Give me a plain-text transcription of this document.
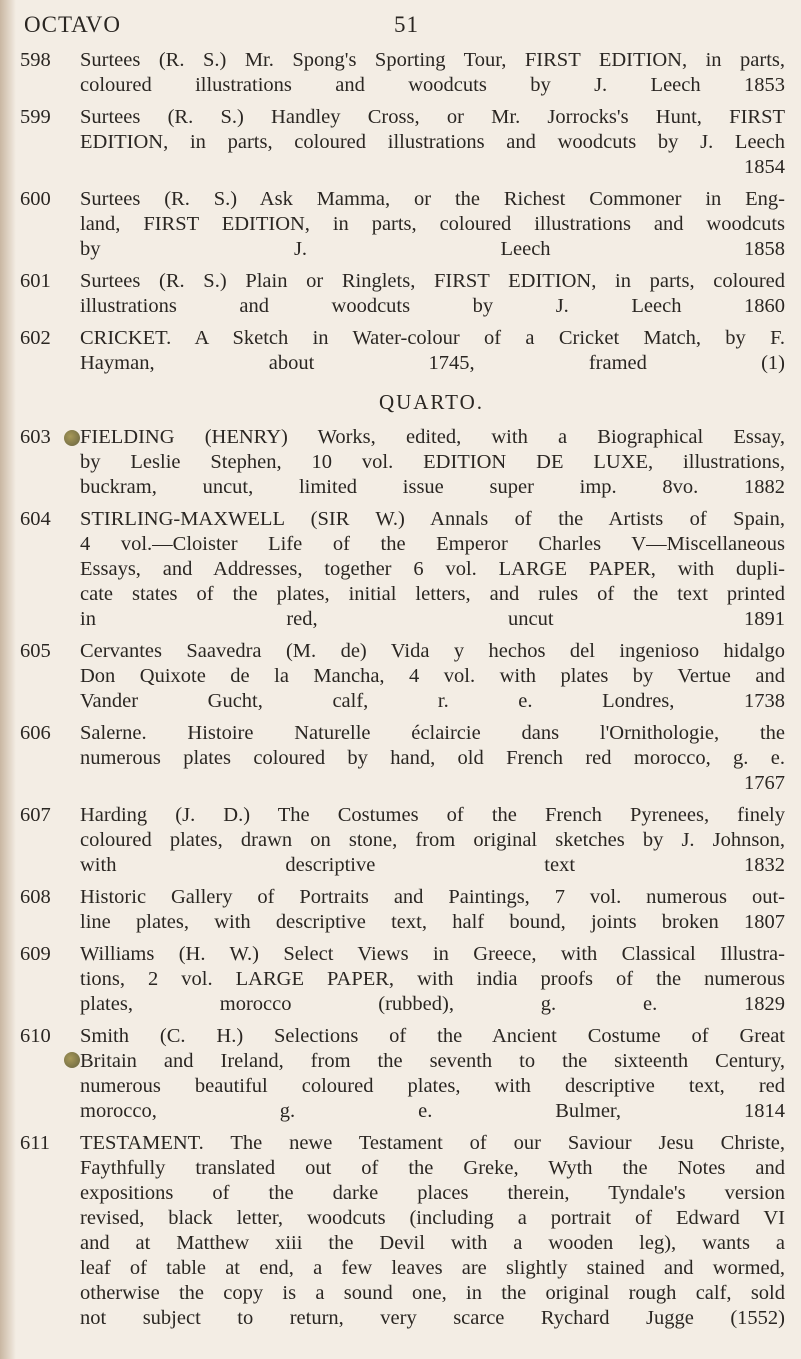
OCTAVO	51
598	Surtees (R. S.) Mr. Spong's Sporting Tour, FIRST EDITION, in parts,
coloured illustrations and woodcuts by J. Leech 1853
599	Surtees (R. S.) Handley Cross, or Mr. Jorrocks's Hunt, FIRST
EDITION, in parts, coloured illustrations and woodcuts by J. Leech
1854
600	Surtees (R. S.) Ask Mamma, or the Richest Commoner in Eng-
land, FIRST EDITION, in parts, coloured illustrations and woodcuts
by J. Leech 1858
601	Surtees (R. S.) Plain or Ringlets, FIRST EDITION, in parts, coloured
illustrations and woodcuts by J. Leech 1860
602	CRICKET. A Sketch in Water-colour of a Cricket Match, by F.
Hayman, about 1745, framed (1)
QUARTO.
603	FIELDING (HENRY) Works, edited, with a Biographical Essay,
by Leslie Stephen, 10 vol. EDITION DE LUXE, illustrations,
buckram, uncut, limited issue super imp. 8vo. 1882
604	STIRLING-MAXWELL (SIR W.) Annals of the Artists of Spain,
4 vol.—Cloister Life of the Emperor Charles V—Miscellaneous
Essays, and Addresses, together 6 vol. LARGE PAPER, with dupli-
cate states of the plates, initial letters, and rules of the text printed
in red, uncut 1891
605	Cervantes Saavedra (M. de) Vida y hechos del ingenioso hidalgo
Don Quixote de la Mancha, 4 vol. with plates by Vertue and
Vander Gucht, calf, r. e. Londres, 1738
606	Salerne. Histoire Naturelle éclaircie dans l'Ornithologie, the
numerous plates coloured by hand, old French red morocco, g. e.
1767
607	Harding (J. D.) The Costumes of the French Pyrenees, finely
coloured plates, drawn on stone, from original sketches by J. Johnson,
with descriptive text 1832
608	Historic Gallery of Portraits and Paintings, 7 vol. numerous out-
line plates, with descriptive text, half bound, joints broken 1807
609	Williams (H. W.) Select Views in Greece, with Classical Illustra-
tions, 2 vol. LARGE PAPER, with india proofs of the numerous
plates, morocco (rubbed), g. e. 1829
610	Smith (C. H.) Selections of the Ancient Costume of Great
Britain and Ireland, from the seventh to the sixteenth Century,
numerous beautiful coloured plates, with descriptive text, red
morocco, g. e. Bulmer, 1814
611	TESTAMENT. The newe Testament of our Saviour Jesu Christe,
Faythfully translated out of the Greke, Wyth the Notes and
expositions of the darke places therein, Tyndale's version
revised, black letter, woodcuts (including a portrait of Edward VI
and at Matthew xiii the Devil with a wooden leg), wants a
leaf of table at end, a few leaves are slightly stained and wormed,
otherwise the copy is a sound one, in the original rough calf, sold
not subject to return, very scarce Rychard Jugge (1552)
